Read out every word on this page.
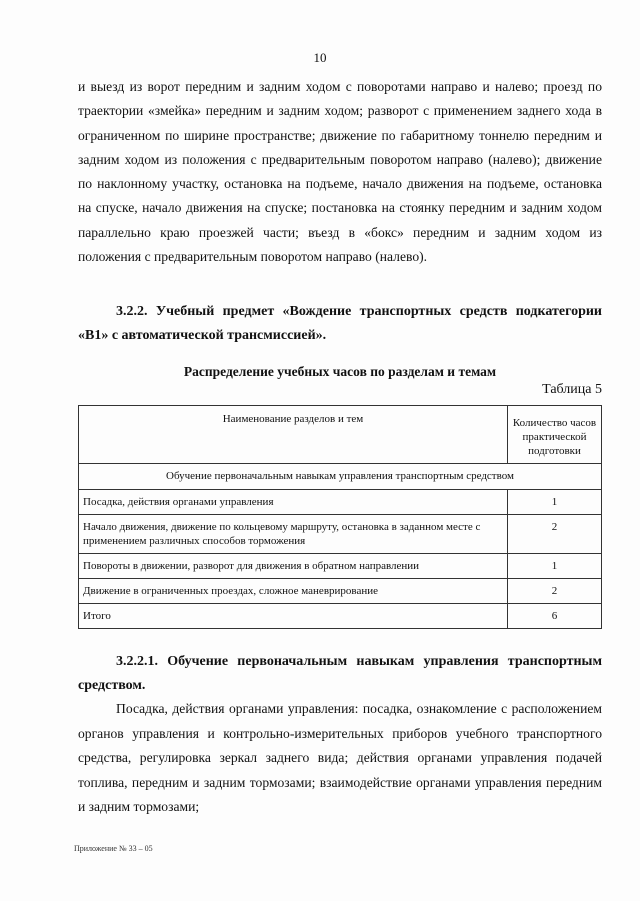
10
и выезд из ворот передним и задним ходом с поворотами направо и налево; проезд по траектории «змейка» передним и задним ходом; разворот с применением заднего хода в ограниченном по ширине пространстве; движение по габаритному тоннелю передним и задним ходом из положения с предварительным поворотом направо (налево); движение по наклонному участку, остановка на подъеме, начало движения на подъеме, остановка на спуске, начало движения на спуске; постановка на стоянку передним и задним ходом параллельно краю проезжей части; въезд в «бокс» передним и задним ходом из положения с предварительным поворотом направо (налево).
3.2.2. Учебный предмет «Вождение транспортных средств подкатегории «B1» с автоматической трансмиссией».
Распределение учебных часов по разделам и темам
Таблица 5
Наименование разделов и тем	Количество часов практической подготовки
Обучение первоначальным навыкам управления транспортным средством	
Посадка, действия органами управления	1
Начало движения, движение по кольцевому маршруту, остановка в заданном месте с применением различных способов торможения	2
Повороты в движении, разворот для движения в обратном направлении	1
Движение в ограниченных проездах, сложное маневрирование	2
Итого	6
3.2.2.1. Обучение первоначальным навыкам управления транспортным средством.
Посадка, действия органами управления: посадка, ознакомление с расположением органов управления и контрольно-измерительных приборов учебного транспортного средства, регулировка зеркал заднего вида; действия органами управления подачей топлива, передним и задним тормозами; взаимодействие органами управления передним и задним тормозами;
Приложение № 33 – 05
